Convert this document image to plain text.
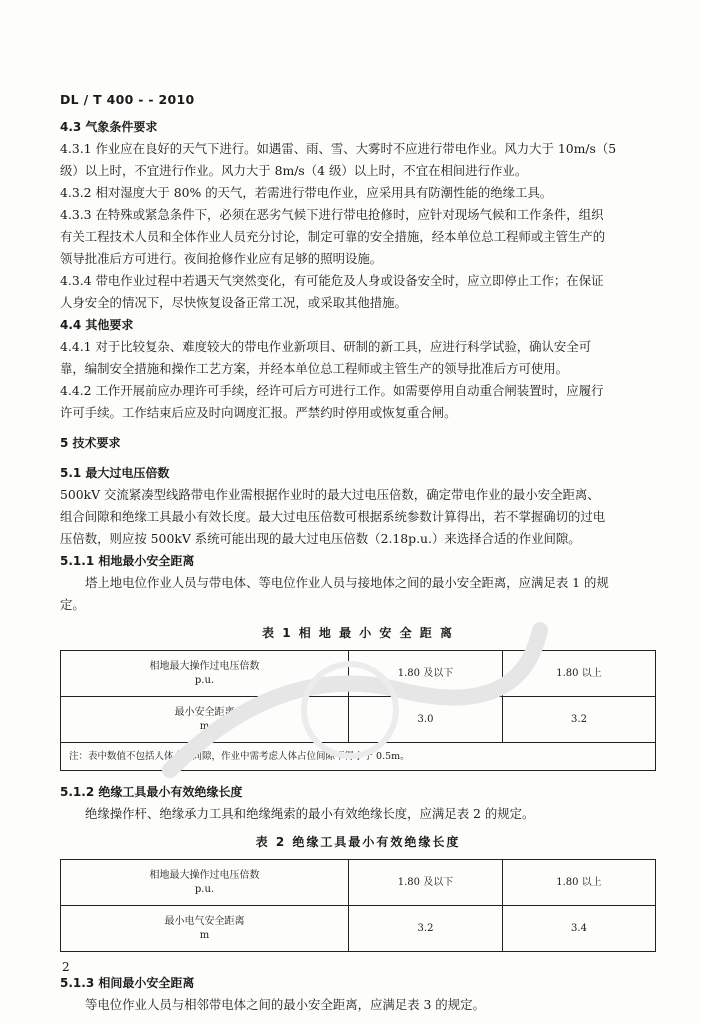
DL / T 400 - - 2010
4.3 气象条件要求
4.3.1 作业应在良好的天气下进行。如遇雷、雨、雪、大雾时不应进行带电作业。风力大于 10m/s（5
级）以上时，不宜进行作业。风力大于 8m/s（4 级）以上时，不宜在相间进行作业。
4.3.2 相对湿度大于 80% 的天气，若需进行带电作业，应采用具有防潮性能的绝缘工具。
4.3.3 在特殊或紧急条件下，必须在恶劣气候下进行带电抢修时，应针对现场气候和工作条件，组织
有关工程技术人员和全体作业人员充分讨论，制定可靠的安全措施，经本单位总工程师或主管生产的
领导批准后方可进行。夜间抢修作业应有足够的照明设施。
4.3.4 带电作业过程中若遇天气突然变化，有可能危及人身或设备安全时，应立即停止工作；在保证
人身安全的情况下，尽快恢复设备正常工况，或采取其他措施。
4.4 其他要求
4.4.1 对于比较复杂、难度较大的带电作业新项目、研制的新工具，应进行科学试验，确认安全可
靠，编制安全措施和操作工艺方案，并经本单位总工程师或主管生产的领导批准后方可使用。
4.4.2 工作开展前应办理许可手续，经许可后方可进行工作。如需要停用自动重合闸装置时，应履行
许可手续。工作结束后应及时向调度汇报。严禁约时停用或恢复重合闸。
5 技术要求
5.1 最大过电压倍数
500kV 交流紧凑型线路带电作业需根据作业时的最大过电压倍数，确定带电作业的最小安全距离、
组合间隙和绝缘工具最小有效长度。最大过电压倍数可根据系统参数计算得出，若不掌握确切的过电
压倍数，则应按 500kV 系统可能出现的最大过电压倍数（2.18p.u.）来选择合适的作业间隙。
5.1.1 相地最小安全距离
塔上地电位作业人员与带电体、等电位作业人员与接地体之间的最小安全距离，应满足表 1 的规
定。
表 1 相 地 最 小 安 全 距 离
相地最大操作过电压倍数
p.u.	1.80 及以下	1.80 以上

最小安全距离
m	3.0	3.2
注：表中数值不包括人体占位间隙，作业中需考虑人体占位间隙不得小于 0.5m。		
5.1.2 绝缘工具最小有效绝缘长度
绝缘操作杆、绝缘承力工具和绝缘绳索的最小有效绝缘长度，应满足表 2 的规定。
表 2 绝缘工具最小有效绝缘长度
相地最大操作过电压倍数
p.u.	1.80 及以下	1.80 以上

最小电气安全距离
m	3.2	3.4
5.1.3 相间最小安全距离
等电位作业人员与相邻带电体之间的最小安全距离，应满足表 3 的规定。
2
